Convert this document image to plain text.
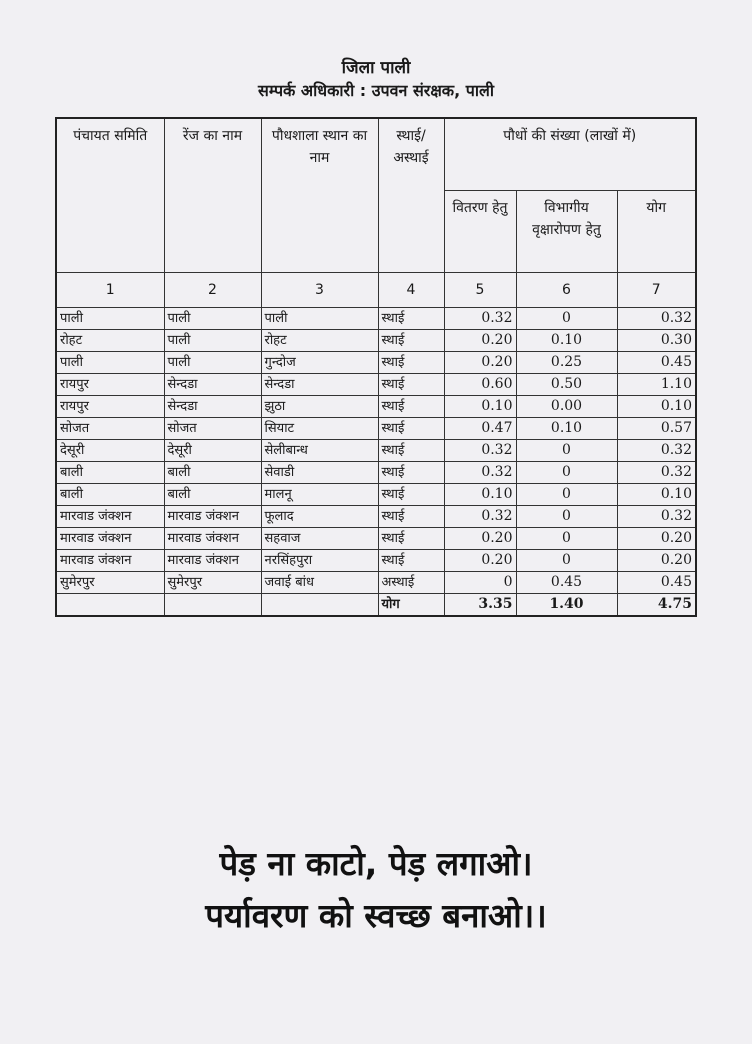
जिला पाली
सम्पर्क अधिकारी : उपवन संरक्षक, पाली
पंचायत समिति	रेंज का नाम	पौधशाला स्थान का नाम	स्थाई/ अस्थाई	पौधों की संख्या (लाखों में)		
				वितरण हेतु	विभागीय वृक्षारोपण हेतु	योग
1	2	3	4	5	6	7
पाली	पाली	पाली	स्थाई	0.32	0	0.32
रोहट	पाली	रोहट	स्थाई	0.20	0.10	0.30
पाली	पाली	गुन्दोज	स्थाई	0.20	0.25	0.45
रायपुर	सेन्दडा	सेन्दडा	स्थाई	0.60	0.50	1.10
रायपुर	सेन्दडा	झुठा	स्थाई	0.10	0.00	0.10
सोजत	सोजत	सियाट	स्थाई	0.47	0.10	0.57
देसूरी	देसूरी	सेलीबान्ध	स्थाई	0.32	0	0.32
बाली	बाली	सेवाडी	स्थाई	0.32	0	0.32
बाली	बाली	मालनू	स्थाई	0.10	0	0.10
मारवाड जंक्शन	मारवाड जंक्शन	फूलाद	स्थाई	0.32	0	0.32
मारवाड जंक्शन	मारवाड जंक्शन	सहवाज	स्थाई	0.20	0	0.20
मारवाड जंक्शन	मारवाड जंक्शन	नरसिंहपुरा	स्थाई	0.20	0	0.20
सुमेरपुर	सुमेरपुर	जवाई बांध	अस्थाई	0	0.45	0.45
			योग	3.35	1.40	4.75
पेड़ ना काटो, पेड़ लगाओ।
पर्यावरण को स्वच्छ बनाओ।।
